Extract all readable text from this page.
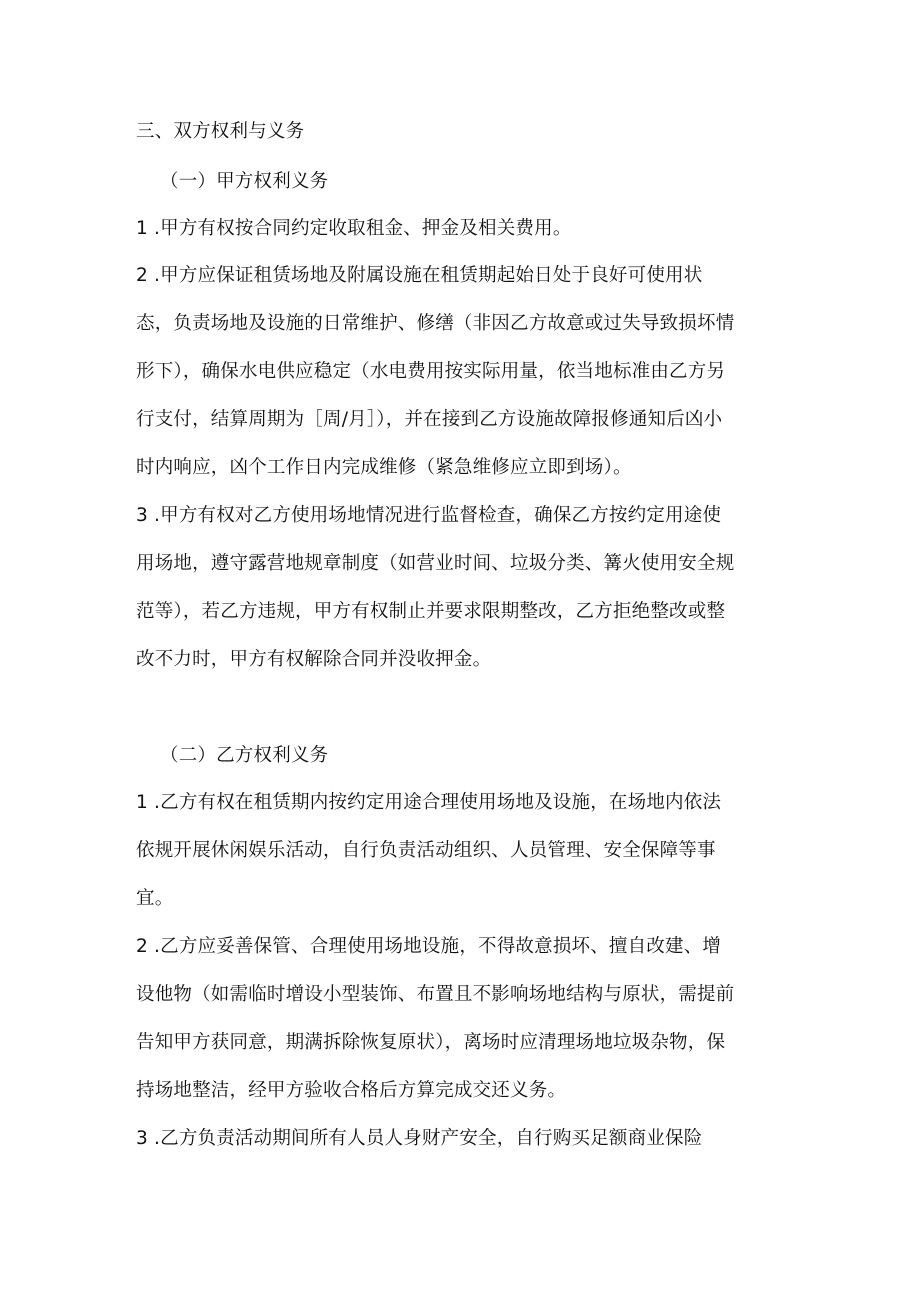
三、双方权利与义务
（一）甲方权利义务
1 .甲方有权按合同约定收取租金、押金及相关费用。
2 .甲方应保证租赁场地及附属设施在租赁期起始日处于良好可使用状
态，负责场地及设施的日常维护、修缮（非因乙方故意或过失导致损坏情
形下），确保水电供应稳定（水电费用按实际用量，依当地标准由乙方另
行支付，结算周期为［周/月］），并在接到乙方设施故障报修通知后凶小
时内响应，凶个工作日内完成维修（紧急维修应立即到场）。
3 .甲方有权对乙方使用场地情况进行监督检查，确保乙方按约定用途使
用场地，遵守露营地规章制度（如营业时间、垃圾分类、篝火使用安全规
范等），若乙方违规，甲方有权制止并要求限期整改，乙方拒绝整改或整
改不力时，甲方有权解除合同并没收押金。
（二）乙方权利义务
1 .乙方有权在租赁期内按约定用途合理使用场地及设施，在场地内依法
依规开展休闲娱乐活动，自行负责活动组织、人员管理、安全保障等事
宜。
2 .乙方应妥善保管、合理使用场地设施，不得故意损坏、擅自改建、增
设他物（如需临时增设小型装饰、布置且不影响场地结构与原状，需提前
告知甲方获同意，期满拆除恢复原状），离场时应清理场地垃圾杂物，保
持场地整洁，经甲方验收合格后方算完成交还义务。
3 .乙方负责活动期间所有人员人身财产安全，自行购买足额商业保险
